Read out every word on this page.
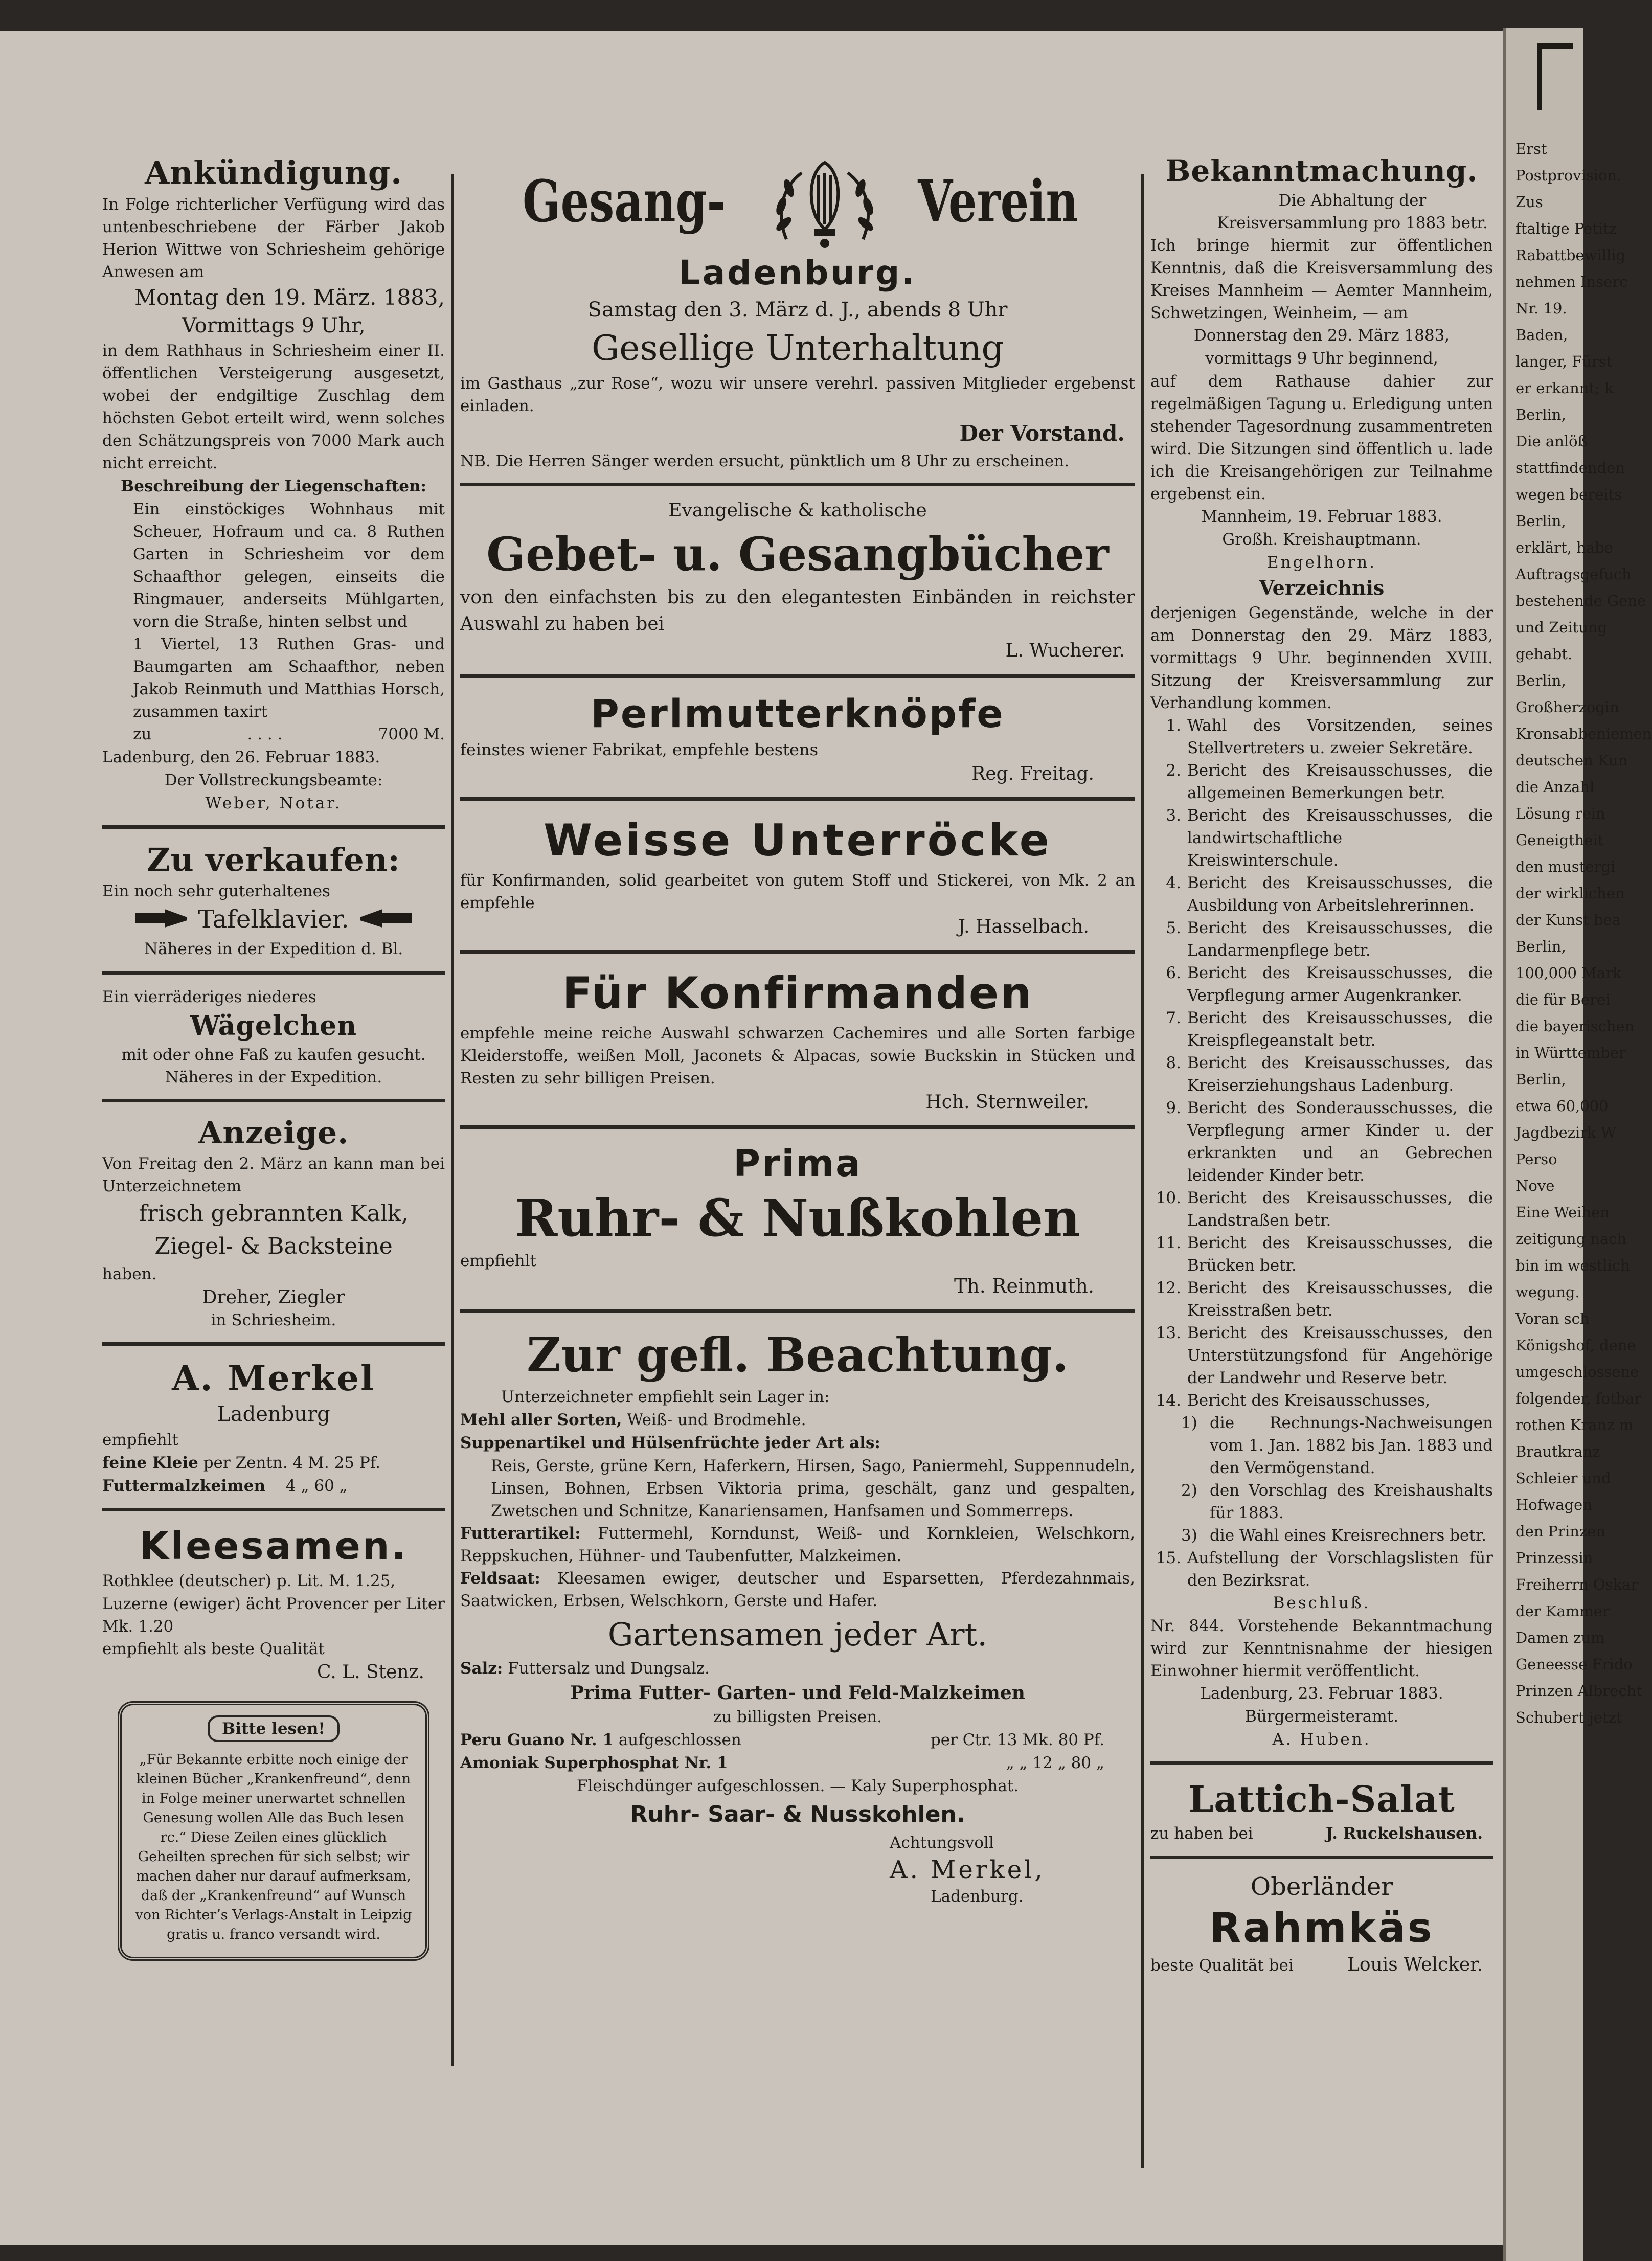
Ankündigung.
In Folge richterlicher Verfügung wird das untenbeschriebene der Färber Jakob Herion Wittwe von Schriesheim gehörige Anwesen am
Montag den 19. März. 1883,
Vormittags 9 Uhr,
in dem Rathhaus in Schriesheim einer II. öffentlichen Versteigerung ausgesetzt, wobei der endgiltige Zuschlag dem höchsten Gebot erteilt wird, wenn solches den Schätzungspreis von 7000 Mark auch nicht erreicht.
Beschreibung der Liegenschaften:
Ein einstöckiges Wohnhaus mit Scheuer, Hofraum und ca. 8 Ruthen Garten in Schriesheim vor dem Schaafthor gelegen, einseits die Ringmauer, anderseits Mühlgarten, vorn die Straße, hinten selbst und
1 Viertel, 13 Ruthen Gras- und Baumgarten am Schaafthor, neben Jakob Reinmuth und Matthias Horsch, zusammen taxirt
zu	. . . .	7000 M.
Ladenburg, den 26. Februar 1883.
Der Vollstreckungsbeamte:
Weber, Notar.
Zu verkaufen:
Ein noch sehr guterhaltenes
Tafelklavier.
Näheres in der Expedition d. Bl.
Ein vierräderiges niederes
Wägelchen
mit oder ohne Faß zu kaufen gesucht. Näheres in der Expedition.
Anzeige.
Von Freitag den 2. März an kann man bei Unterzeichnetem
frisch gebrannten Kalk,
Ziegel- & Backsteine
haben.
Dreher, Ziegler
in Schriesheim.
A. Merkel
Ladenburg
empfiehlt
feine Kleie per Zentn. 4 M. 25 Pf.
Futtermalzkeimen 4 „ 60 „
Kleesamen.
Rothklee (deutscher) p. Lit. M. 1.25,
Luzerne (ewiger) ächt Provencer per Liter Mk. 1.20
empfiehlt als beste Qualität
C. L. Stenz.
Bitte lesen!
„Für Bekannte erbitte noch einige der kleinen Bücher „Krankenfreund“, denn in Folge meiner unerwartet schnellen Genesung wollen Alle das Buch lesen rc.“ Diese Zeilen eines glücklich Geheilten sprechen für sich selbst; wir machen daher nur darauf aufmerksam, daß der „Krankenfreund“ auf Wunsch von Richter’s Verlags-Anstalt in Leipzig gratis u. franco versandt wird.
Gesang-	Verein
Ladenburg.
Samstag den 3. März d. J., abends 8 Uhr
Gesellige Unterhaltung
im Gasthaus „zur Rose“, wozu wir unsere verehrl. passiven Mitglieder ergebenst einladen.
Der Vorstand.
NB. Die Herren Sänger werden ersucht, pünktlich um 8 Uhr zu erscheinen.
Evangelische & katholische
Gebet- u. Gesangbücher
von den einfachsten bis zu den elegantesten Einbänden in reichster Auswahl zu haben bei
L. Wucherer.
Perlmutterknöpfe
feinstes wiener Fabrikat, empfehle bestens
Reg. Freitag.
Weisse Unterröcke
für Konfirmanden, solid gearbeitet von gutem Stoff und Stickerei, von Mk. 2 an empfehle
J. Hasselbach.
Für Konfirmanden
empfehle meine reiche Auswahl schwarzen Cachemires und alle Sorten farbige Kleiderstoffe, weißen Moll, Jaconets & Alpacas, sowie Buckskin in Stücken und Resten zu sehr billigen Preisen.
Hch. Sternweiler.
Prima
Ruhr- & Nußkohlen
empfiehlt
Th. Reinmuth.
Zur gefl. Beachtung.
Unterzeichneter empfiehlt sein Lager in:
Mehl aller Sorten, Weiß- und Brodmehle.
Suppenartikel und Hülsenfrüchte jeder Art als:
Reis, Gerste, grüne Kern, Haferkern, Hirsen, Sago, Paniermehl, Suppennudeln, Linsen, Bohnen, Erbsen Viktoria prima, geschält, ganz und gespalten, Zwetschen und Schnitze, Kanariensamen, Hanfsamen und Sommerreps.
Futterartikel: Futtermehl, Korndunst, Weiß- und Kornkleien, Welschkorn, Reppskuchen, Hühner- und Taubenfutter, Malzkeimen.
Feldsaat: Kleesamen ewiger, deutscher und Esparsetten, Pferdezahnmais, Saatwicken, Erbsen, Welschkorn, Gerste und Hafer.
Gartensamen jeder Art.
Salz: Futtersalz und Dungsalz.
Prima Futter- Garten- und Feld-Malzkeimen
zu billigsten Preisen.
Peru Guano Nr. 1 aufgeschlossen	per Ctr. 13 Mk. 80 Pf.
Amoniak Superphosphat Nr. 1	„ „ 12 „ 80 „
Fleischdünger aufgeschlossen. — Kaly Superphosphat.
Ruhr- Saar- & Nusskohlen.
Achtungsvoll
A. Merkel,
Ladenburg.
Bekanntmachung.
Die Abhaltung der Kreisversammlung pro 1883 betr.
Ich bringe hiermit zur öffentlichen Kenntnis, daß die Kreisversammlung des Kreises Mannheim — Aemter Mannheim, Schwetzingen, Weinheim, — am
Donnerstag den 29. März 1883,
vormittags 9 Uhr beginnend,
auf dem Rathause dahier zur regelmäßigen Tagung u. Erledigung unten stehender Tagesordnung zusammentreten wird. Die Sitzungen sind öffentlich u. lade ich die Kreisangehörigen zur Teilnahme ergebenst ein.
Mannheim, 19. Februar 1883.
Großh. Kreishauptmann.
Engelhorn.
Verzeichnis
derjenigen Gegenstände, welche in der am Donnerstag den 29. März 1883, vormittags 9 Uhr. beginnenden XVIII. Sitzung der Kreisversammlung zur Verhandlung kommen.
1. Wahl des Vorsitzenden, seines Stellvertreters u. zweier Sekretäre.
2. Bericht des Kreisausschusses, die allgemeinen Bemerkungen betr.
3. Bericht des Kreisausschusses, die landwirtschaftliche Kreiswinterschule.
4. Bericht des Kreisausschusses, die Ausbildung von Arbeitslehrerinnen.
5. Bericht des Kreisausschusses, die Landarmenpflege betr.
6. Bericht des Kreisausschusses, die Verpflegung armer Augenkranker.
7. Bericht des Kreisausschusses, die Kreispflegeanstalt betr.
8. Bericht des Kreisausschusses, das Kreiserziehungshaus Ladenburg.
9. Bericht des Sonderausschusses, die Verpflegung armer Kinder u. der erkrankten und an Gebrechen leidender Kinder betr.
10. Bericht des Kreisausschusses, die Landstraßen betr.
11. Bericht des Kreisausschusses, die Brücken betr.
12. Bericht des Kreisausschusses, die Kreisstraßen betr.
13. Bericht des Kreisausschusses, den Unterstützungsfond für Angehörige der Landwehr und Reserve betr.
14. Bericht des Kreisausschusses,
1) die Rechnungs-Nachweisungen vom 1. Jan. 1882 bis Jan. 1883 und den Vermögenstand.
2) den Vorschlag des Kreishaushalts für 1883.
3) die Wahl eines Kreisrechners betr.
15. Aufstellung der Vorschlagslisten für den Bezirksrat.
Beschluß.
Nr. 844. Vorstehende Bekanntmachung wird zur Kenntnisnahme der hiesigen Einwohner hiermit veröffentlicht.
Ladenburg, 23. Februar 1883.
Bürgermeisteramt.
A. Huben.
Lattich-Salat
zu haben bei	J. Ruckelshausen.
Oberländer
Rahmkäs
beste Qualität bei	Louis Welcker.
Erst
Postprovision.
Zus
ftaltige Petitz
Rabattbewillig
nehmen Inserc
Nr. 19.
Baden,
langer, Fürst
er erkannt; k
Berlin,
Die anlöß
stattfindenden
wegen bereits
Berlin,
erklärt, habe
Auftragsgefuch
bestehende Gene
und Zeitung
gehabt.
Berlin,
Großherzogin
Kronsabbeniemen
deutschen Kun
die Anzahl
Lösung rein
Geneigtheit
den mustergi
der wirklichen
der Kunst bea
Berlin,
100,000 Mark
die für Berei
die bayerischen
in Württember
Berlin,
etwa 60,000
Jagdbezirk W
Perso
Nove
Eine Weihen
zeitigung nach
bin im westlich
wegung.
Voran sch
Königshof, dene
umgeschlossene
folgender, fotbar
rothen Kranz m
Brautkranz
Schleier und
Hofwagen
den Prinzen
Prinzessin
Freiherrn Oskar
der Kammer
Damen zum
Geneesse Frido
Prinzen Albrecht
Schubert jetzt
